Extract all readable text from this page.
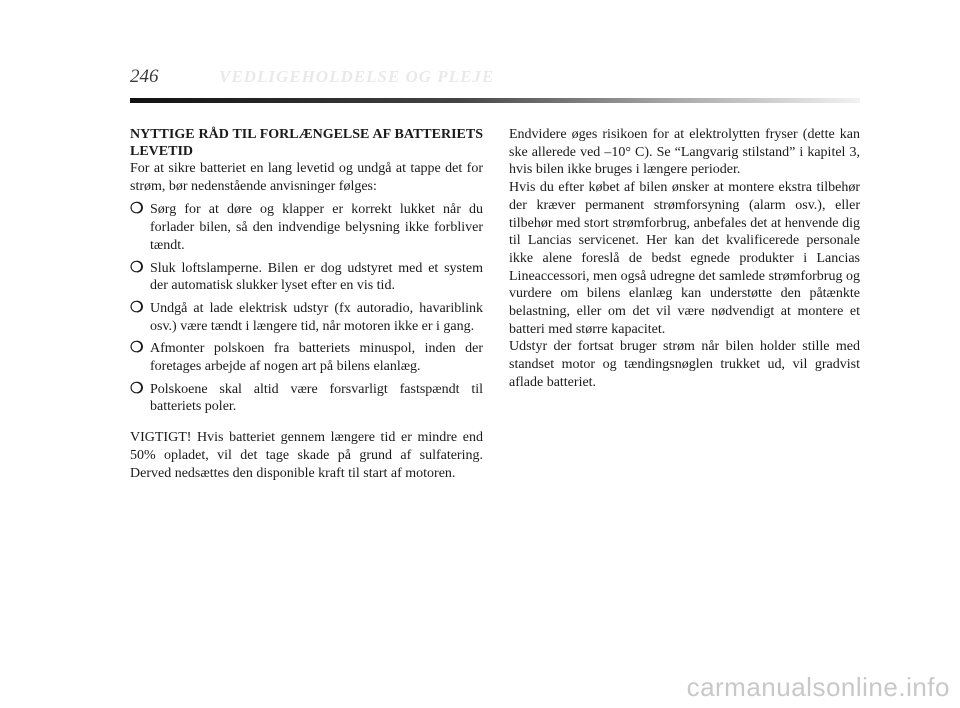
246	VEDLIGEHOLDELSE OG PLEJE

NYTTIGE RÅD TIL FORLÆNGELSE AF BATTERIETS LEVETID

For at sikre batteriet en lang levetid og undgå at tappe det for strøm, bør nedenstående anvisninger følges:

❍ Sørg for at døre og klapper er korrekt lukket når du forlader bilen, så den indvendige belysning ikke forbliver tændt.
❍ Sluk loftslamperne. Bilen er dog udstyret med et system der automatisk slukker lyset efter en vis tid.
❍ Undgå at lade elektrisk udstyr (fx autoradio, havariblink osv.) være tændt i længere tid, når motoren ikke er i gang.
❍ Afmonter polskoen fra batteriets minuspol, inden der foretages arbejde af nogen art på bilens elanlæg.
❍ Polskoene skal altid være forsvarligt fastspændt til batteriets poler.

VIGTIGT! Hvis batteriet gennem længere tid er mindre end 50% opladet, vil det tage skade på grund af sulfatering. Derved nedsættes den disponible kraft til start af motoren.

Endvidere øges risikoen for at elektrolytten fryser (dette kan ske allerede ved –10° C). Se “Langvarig stilstand” i kapitel 3, hvis bilen ikke bruges i længere perioder.

Hvis du efter købet af bilen ønsker at montere ekstra tilbehør der kræver permanent strømforsyning (alarm osv.), eller tilbehør med stort strømforbrug, anbefales det at henvende dig til Lancias servicenet. Her kan det kvalificerede personale ikke alene foreslå de bedst egnede produkter i Lancias Lineaccessori, men også udregne det samlede strømforbrug og vurdere om bilens elanlæg kan understøtte den påtænkte belastning, eller om det vil være nødvendigt at montere et batteri med større kapacitet.

Udstyr der fortsat bruger strøm når bilen holder stille med standset motor og tændingsnøglen trukket ud, vil gradvist aflade batteriet.

carmanualsonline.info
